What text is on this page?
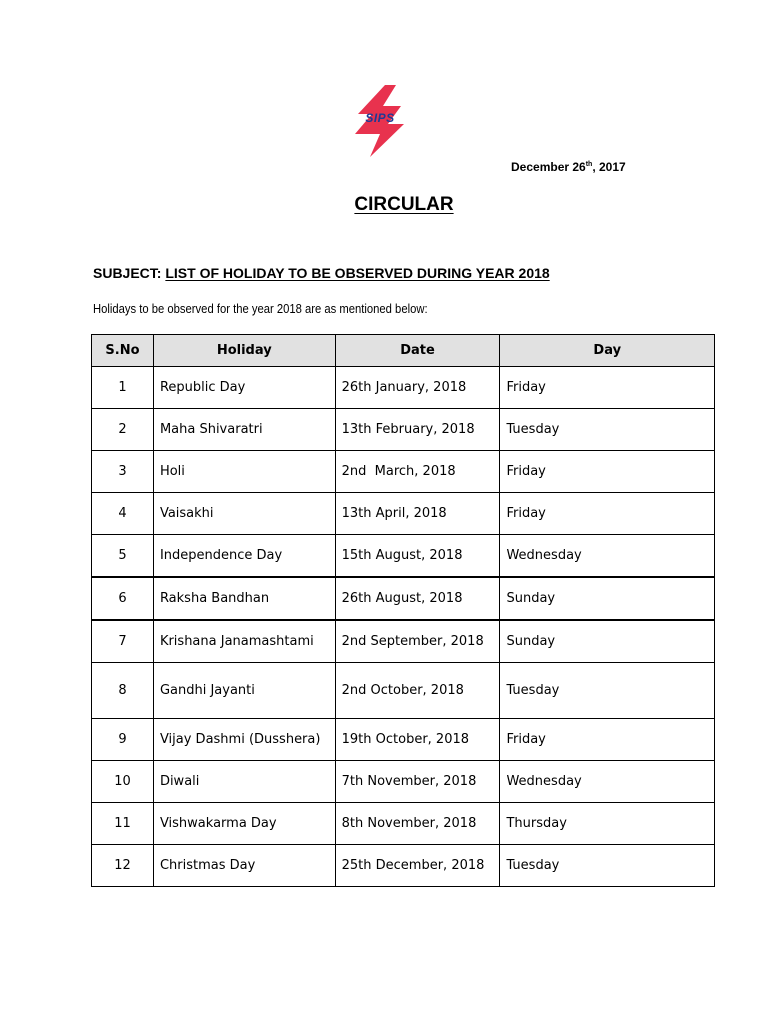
SIPS
December 26th, 2017
CIRCULAR
SUBJECT: LIST OF HOLIDAY TO BE OBSERVED DURING YEAR 2018
Holidays to be observed for the year 2018 are as mentioned below:
S.No	Holiday	Date	Day
1	Republic Day	26th January, 2018	Friday
2	Maha Shivaratri	13th February, 2018	Tuesday
3	Holi	2nd  March, 2018	Friday
4	Vaisakhi	13th April, 2018	Friday
5	Independence Day	15th August, 2018	Wednesday
6	Raksha Bandhan	26th August, 2018	Sunday
7	Krishana Janamashtami	2nd September, 2018	Sunday
8	Gandhi Jayanti	2nd October, 2018	Tuesday
9	Vijay Dashmi (Dusshera)	19th October, 2018	Friday
10	Diwali	7th November, 2018	Wednesday
11	Vishwakarma Day	8th November, 2018	Thursday
12	Christmas Day	25th December, 2018	Tuesday
